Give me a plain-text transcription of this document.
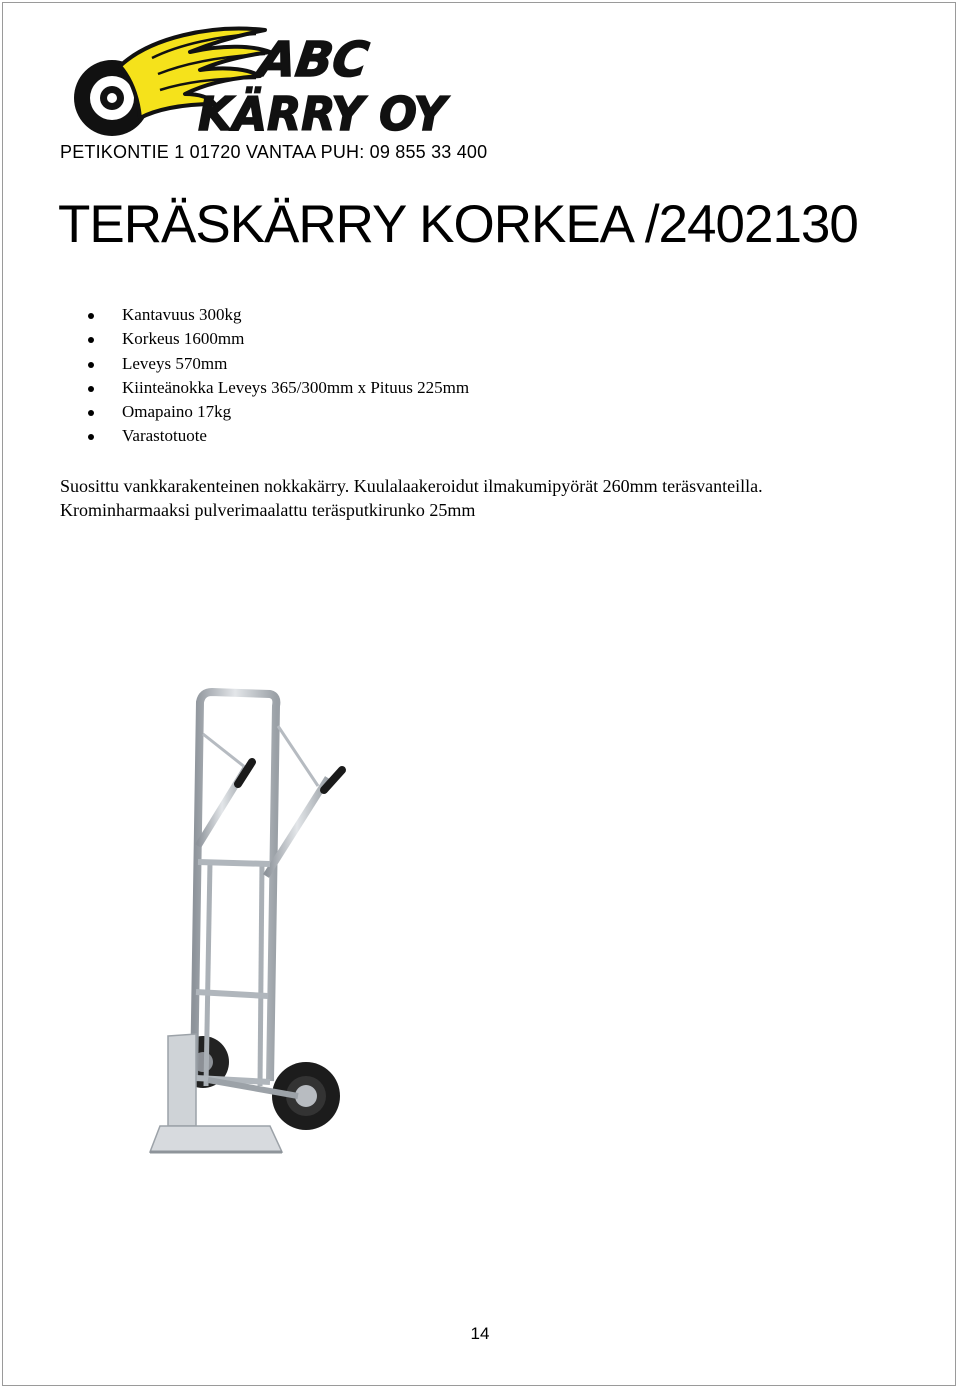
ABC
KÄRRY OY
PETIKONTIE 1 01720 VANTAA PUH: 09 855 33 400
TERÄSKÄRRY KORKEA /2402130
Kantavuus 300kg
Korkeus 1600mm
Leveys 570mm
Kiinteänokka Leveys 365/300mm x Pituus 225mm
Omapaino 17kg
Varastotuote
Suosittu vankkarakenteinen nokkakärry. Kuulalaakeroidut ilmakumipyörät 260mm teräsvanteilla.
Krominharmaaksi pulverimaalattu teräsputkirunko 25mm
14
